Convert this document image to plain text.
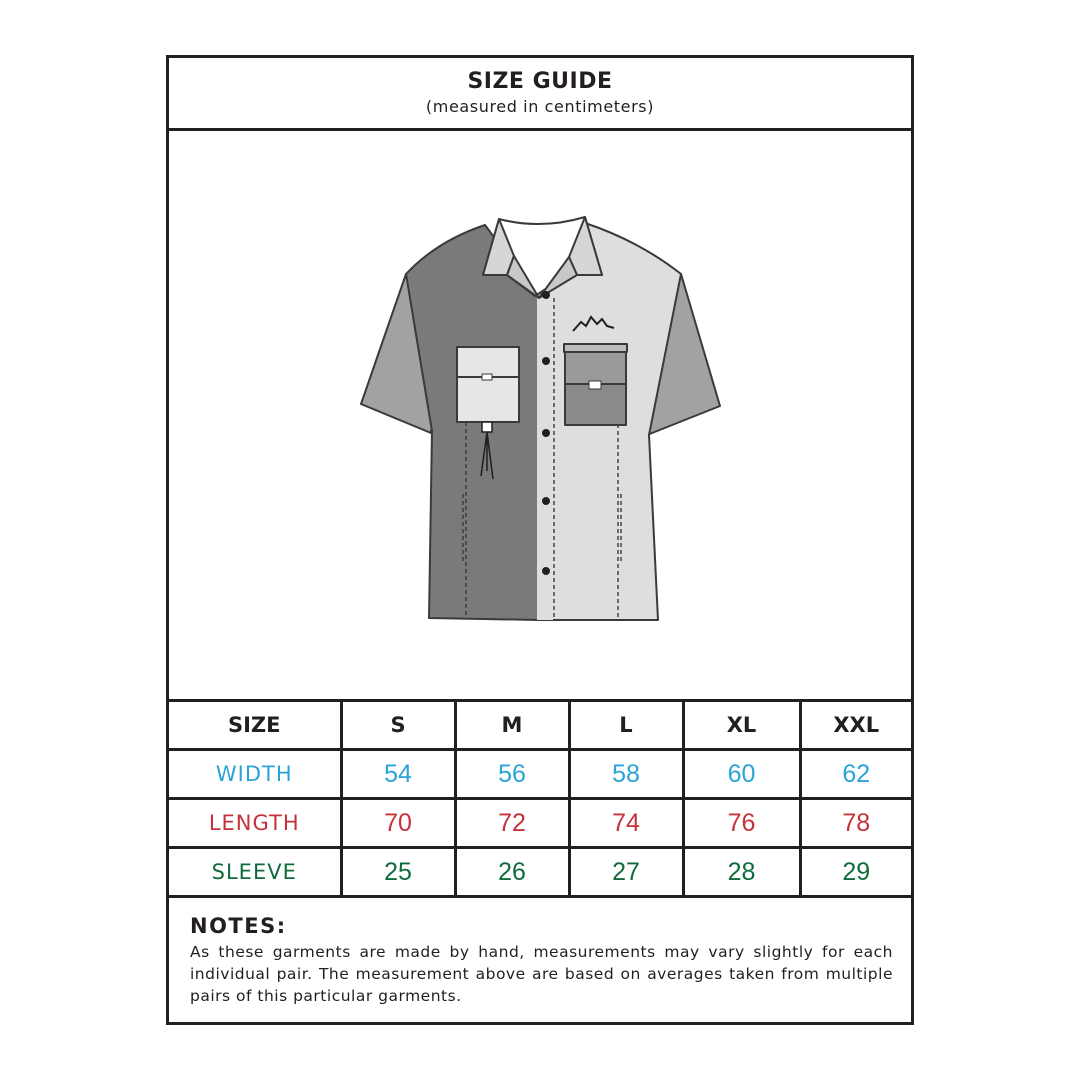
SIZE GUIDE
(measured in centimeters)
SIZE	S	M	L	XL	XXL
WIDTH	54	56	58	60	62
LENGTH	70	72	74	76	78
SLEEVE	25	26	27	28	29
NOTES:
As these garments are made by hand, measurements may vary slightly for each individual pair. The measurement above are based on averages taken from multiple pairs of this particular garments.
